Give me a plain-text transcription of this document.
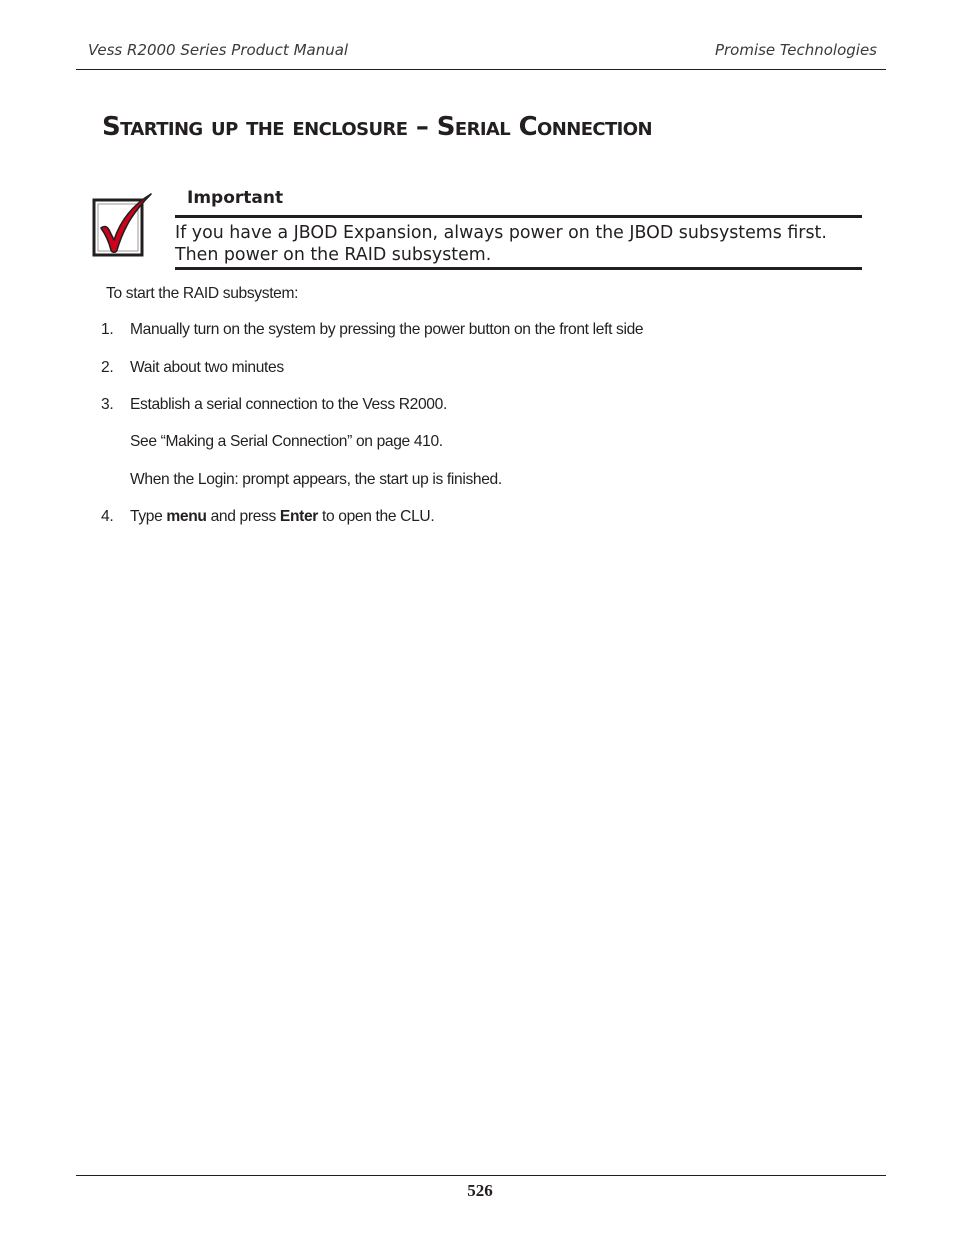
Vess R2000 Series Product Manual	Promise Technologies
Starting up the enclosure – Serial Connection
Important
If you have a JBOD Expansion, always power on the JBOD subsystems first. Then power on the RAID subsystem.
To start the RAID subsystem:
1. Manually turn on the system by pressing the power button on the front left side
2. Wait about two minutes
3. Establish a serial connection to the Vess R2000.
See “Making a Serial Connection” on page 410.
When the Login: prompt appears, the start up is finished.
4. Type menu and press Enter to open the CLU.
526
